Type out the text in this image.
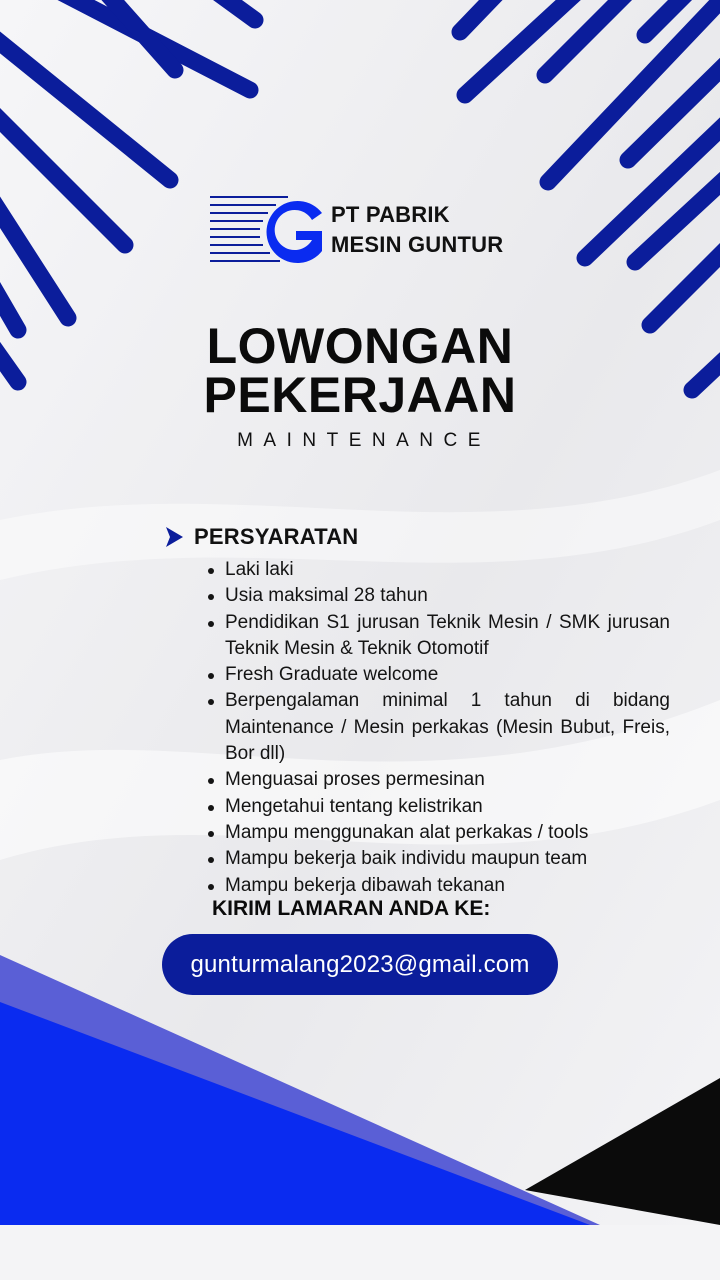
PT PABRIK
MESIN GUNTUR
LOWONGAN
PEKERJAAN
MAINTENANCE
PERSYARATAN
Laki laki
Usia maksimal 28 tahun
Pendidikan S1 jurusan Teknik Mesin / SMK jurusan Teknik Mesin & Teknik Otomotif
Fresh Graduate welcome
Berpengalaman minimal 1 tahun di bidang Maintenance / Mesin perkakas (Mesin Bubut, Freis, Bor dll)
Menguasai proses permesinan
Mengetahui tentang kelistrikan
Mampu menggunakan alat perkakas / tools
Mampu bekerja baik individu maupun team
Mampu bekerja dibawah tekanan
KIRIM LAMARAN ANDA KE:
gunturmalang2023@gmail.com
